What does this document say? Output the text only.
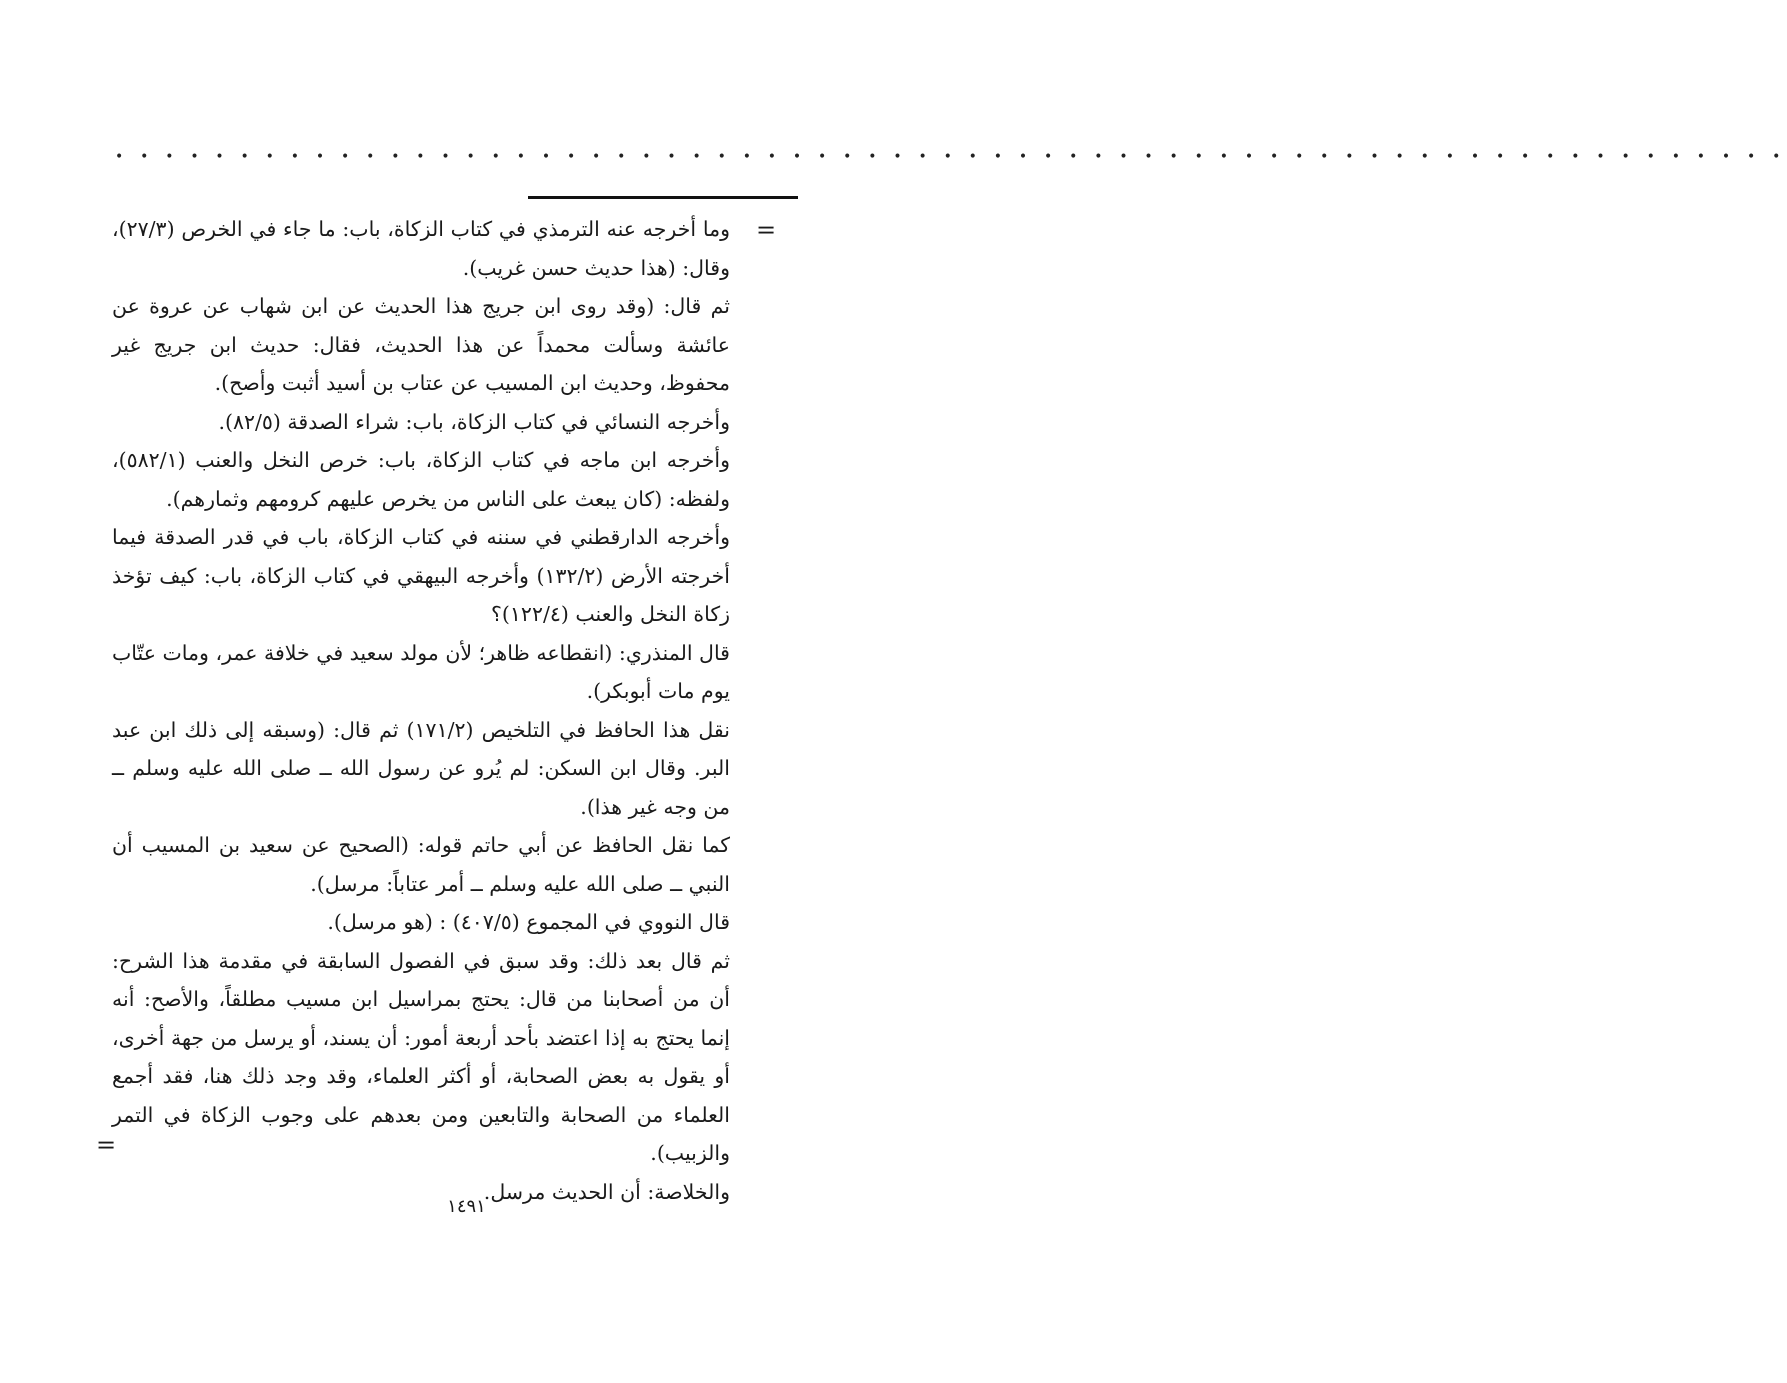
• • • • • • • • • • • • • • • • • • • • • • • • • • • • • • • • • • • • • • • • • • • • • • • • • • • • • • • • • • • • • • • • • • •
=

وما أخرجه عنه الترمذي في كتاب الزكاة، باب: ما جاء في الخرص (٢٧/٣)، وقال: (هذا حديث حسن غريب).

ثم قال: (وقد روى ابن جريج هذا الحديث عن ابن شهاب عن عروة عن عائشة وسألت محمداً عن هذا الحديث، فقال: حديث ابن جريج غير محفوظ، وحديث ابن المسيب عن عتاب بن أسيد أثبت وأصح).

وأخرجه النسائي في كتاب الزكاة، باب: شراء الصدقة (٨٢/٥).

وأخرجه ابن ماجه في كتاب الزكاة، باب: خرص النخل والعنب (٥٨٢/١)، ولفظه: (كان يبعث على الناس من يخرص عليهم كرومهم وثمارهم).

وأخرجه الدارقطني في سننه في كتاب الزكاة، باب في قدر الصدقة فيما أخرجته الأرض (١٣٢/٢) وأخرجه البيهقي في كتاب الزكاة، باب: كيف تؤخذ زكاة النخل والعنب (١٢٢/٤)؟

قال المنذري: (انقطاعه ظاهر؛ لأن مولد سعيد في خلافة عمر، ومات عتّاب يوم مات أبوبكر).

نقل هذا الحافظ في التلخيص (١٧١/٢) ثم قال: (وسبقه إلى ذلك ابن عبد البر. وقال ابن السكن: لم يُرو عن رسول الله ــ صلى الله عليه وسلم ــ من وجه غير هذا).

كما نقل الحافظ عن أبي حاتم قوله: (الصحيح عن سعيد بن المسيب أن النبي ــ صلى الله عليه وسلم ــ أمر عتاباً: مرسل).

قال النووي في المجموع (٤٠٧/٥) : (هو مرسل).

ثم قال بعد ذلك: وقد سبق في الفصول السابقة في مقدمة هذا الشرح: أن من أصحابنا من قال: يحتج بمراسيل ابن مسيب مطلقاً، والأصح: أنه إنما يحتج به إذا اعتضد بأحد أربعة أمور: أن يسند، أو يرسل من جهة أخرى، أو يقول به بعض الصحابة، أو أكثر العلماء، وقد وجد ذلك هنا، فقد أجمع العلماء من الصحابة والتابعين ومن بعدهم على وجوب الزكاة في التمر والزبيب).

والخلاصة: أن الحديث مرسل.

=
١٤٩١
